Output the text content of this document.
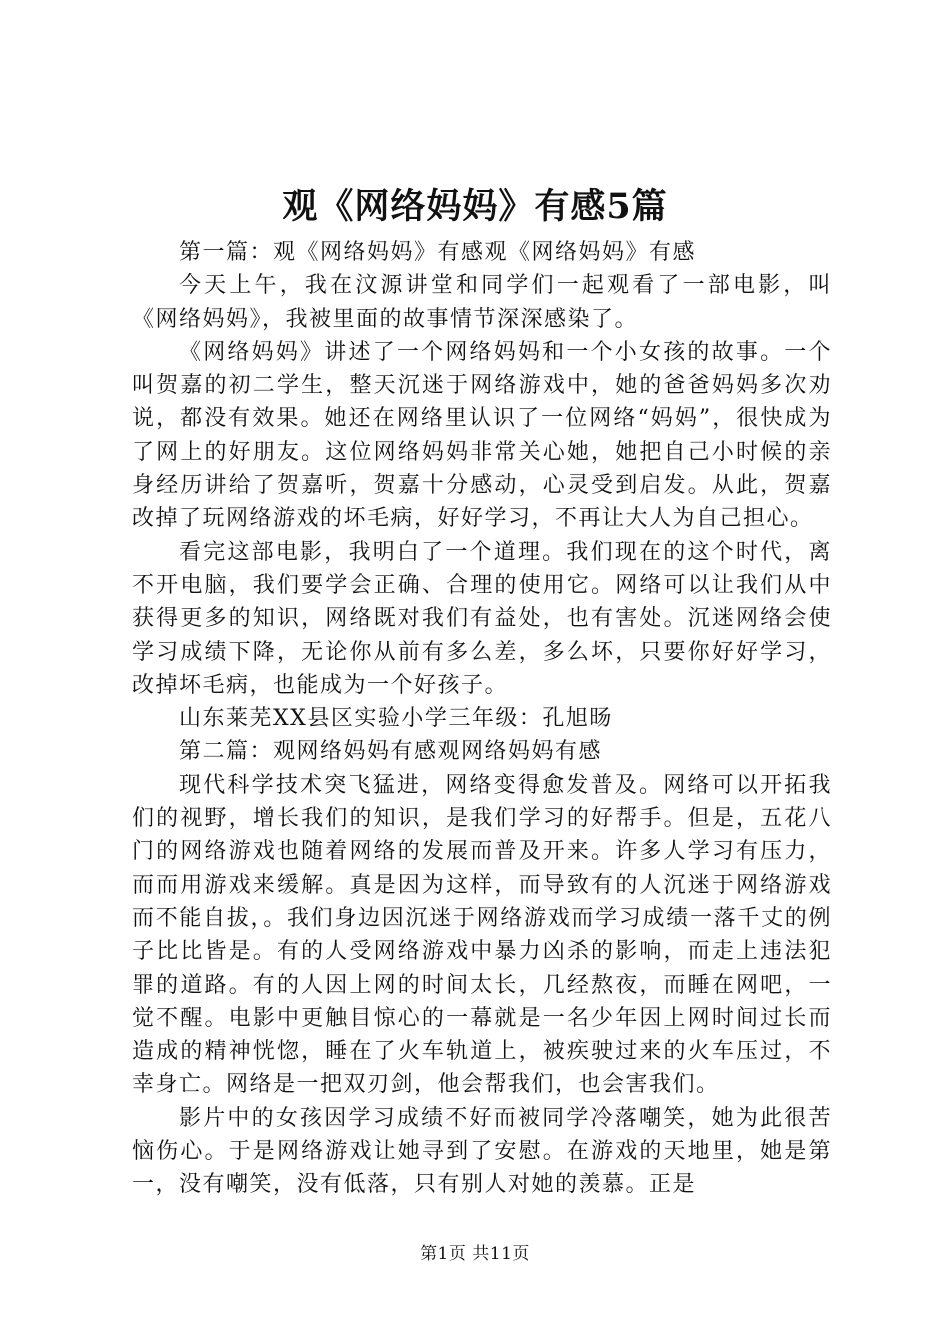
观《网络妈妈》有感5篇

第一篇：观《网络妈妈》有感观《网络妈妈》有感

今天上午，我在汶源讲堂和同学们一起观看了一部电影，叫《网络妈妈》，我被里面的故事情节深深感染了。

《网络妈妈》讲述了一个网络妈妈和一个小女孩的故事。一个叫贺嘉的初二学生，整天沉迷于网络游戏中，她的爸爸妈妈多次劝说，都没有效果。她还在网络里认识了一位网络“妈妈”，很快成为了网上的好朋友。这位网络妈妈非常关心她，她把自己小时候的亲身经历讲给了贺嘉听，贺嘉十分感动，心灵受到启发。从此，贺嘉改掉了玩网络游戏的坏毛病，好好学习，不再让大人为自己担心。

看完这部电影，我明白了一个道理。我们现在的这个时代，离不开电脑，我们要学会正确、合理的使用它。网络可以让我们从中获得更多的知识，网络既对我们有益处，也有害处。沉迷网络会使学习成绩下降，无论你从前有多么差，多么坏，只要你好好学习，改掉坏毛病，也能成为一个好孩子。

山东莱芜XX县区实验小学三年级：孔旭旸

第二篇：观网络妈妈有感观网络妈妈有感

现代科学技术突飞猛进，网络变得愈发普及。网络可以开拓我们的视野，增长我们的知识，是我们学习的好帮手。但是，五花八门的网络游戏也随着网络的发展而普及开来。许多人学习有压力，而而用游戏来缓解。真是因为这样，而导致有的人沉迷于网络游戏而不能自拔，。我们身边因沉迷于网络游戏而学习成绩一落千丈的例子比比皆是。有的人受网络游戏中暴力凶杀的影响，而走上违法犯罪的道路。有的人因上网的时间太长，几经熬夜，而睡在网吧，一觉不醒。电影中更触目惊心的一幕就是一名少年因上网时间过长而造成的精神恍惚，睡在了火车轨道上，被疾驶过来的火车压过，不幸身亡。网络是一把双刃剑，他会帮我们，也会害我们。

影片中的女孩因学习成绩不好而被同学冷落嘲笑，她为此很苦恼伤心。于是网络游戏让她寻到了安慰。在游戏的天地里，她是第一，没有嘲笑，没有低落，只有别人对她的羡慕。正是

第1页 共11页
